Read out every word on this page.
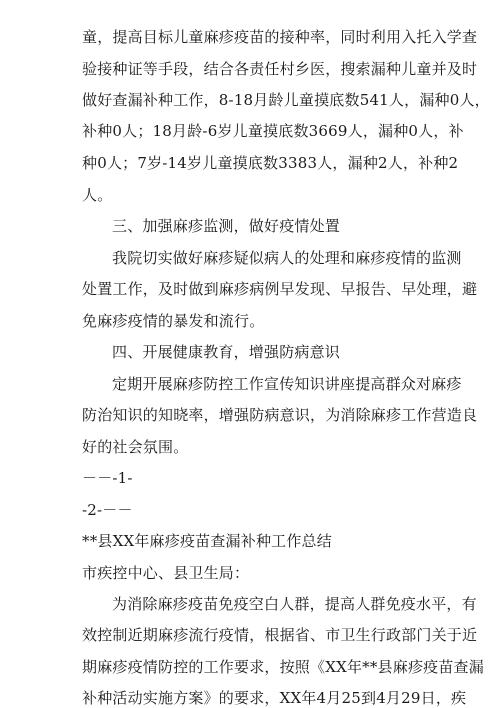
童，提高目标儿童麻疹疫苗的接种率，同时利用入托入学查
验接种证等手段，结合各责任村乡医，搜索漏种儿童并及时
做好查漏补种工作，8-18月龄儿童摸底数541人，漏种0人，
补种0人；18月龄-6岁儿童摸底数3669人，漏种0人，补
种0人；7岁-14岁儿童摸底数3383人，漏种2人，补种2
人。
三、加强麻疹监测，做好疫情处置
我院切实做好麻疹疑似病人的处理和麻疹疫情的监测
处置工作，及时做到麻疹病例早发现、早报告、早处理，避
免麻疹疫情的暴发和流行。
四、开展健康教育，增强防病意识
定期开展麻疹防控工作宣传知识讲座提高群众对麻疹
防治知识的知晓率，增强防病意识，为消除麻疹工作营造良
好的社会氛围。
－－-1-
-2-－－
**县XX年麻疹疫苗查漏补种工作总结
市疾控中心、县卫生局：
为消除麻疹疫苗免疫空白人群，提高人群免疫水平，有
效控制近期麻疹流行疫情，根据省、市卫生行政部门关于近
期麻疹疫情防控的工作要求，按照《XX年**县麻疹疫苗查漏
补种活动实施方案》的要求，XX年4月25到4月29日，疾
